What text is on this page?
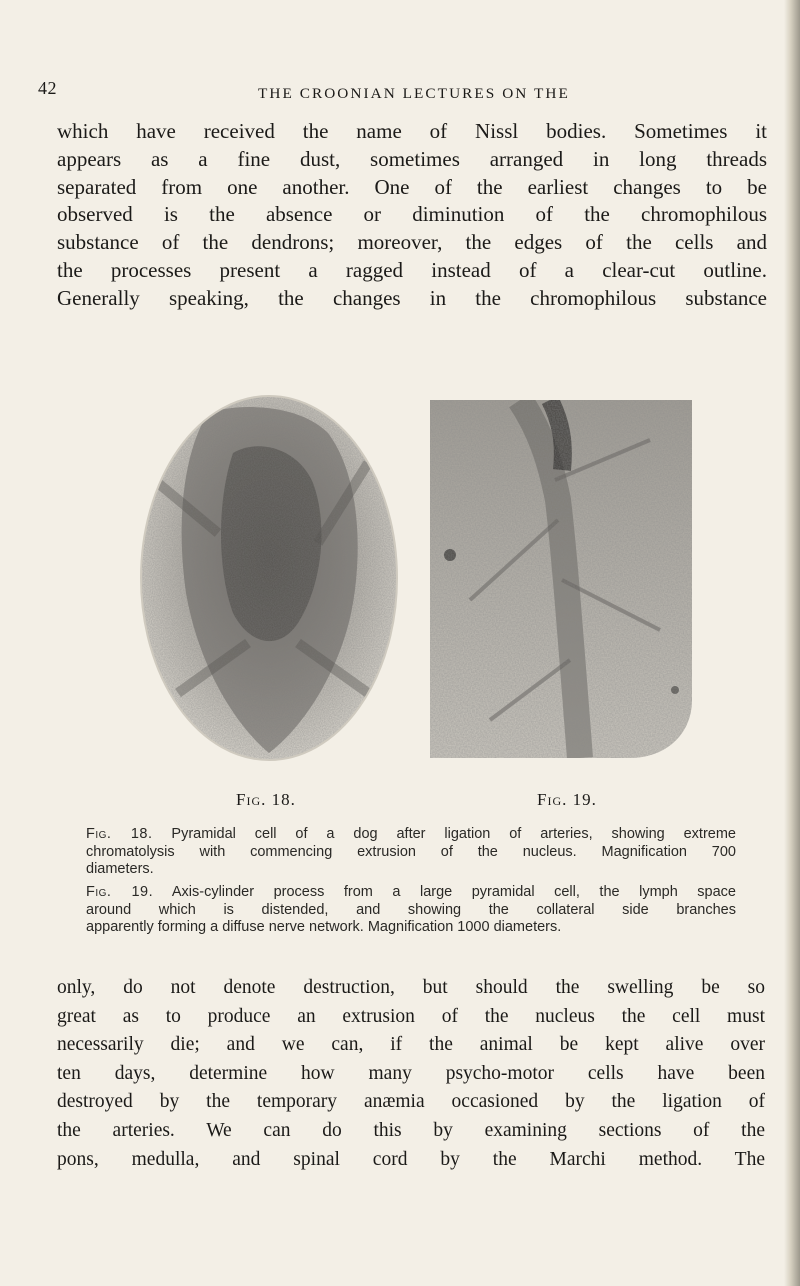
42	THE CROONIAN LECTURES ON THE
which have received the name of Nissl bodies. Sometimes it
appears as a fine dust, sometimes arranged in long threads
separated from one another. One of the earliest changes to be
observed is the absence or diminution of the chromophilous
substance of the dendrons; moreover, the edges of the cells and
the processes present a ragged instead of a clear-cut outline.
Generally speaking, the changes in the chromophilous substance
Fig. 18.	Fig. 19.
Fig. 18. Pyramidal cell of a dog after ligation of arteries, showing extreme
chromatolysis with commencing extrusion of the nucleus. Magnification 700
diameters.
Fig. 19. Axis-cylinder process from a large pyramidal cell, the lymph space
around which is distended, and showing the collateral side branches
apparently forming a diffuse nerve network. Magnification 1000 diameters.
only, do not denote destruction, but should the swelling be so
great as to produce an extrusion of the nucleus the cell must
necessarily die; and we can, if the animal be kept alive over
ten days, determine how many psycho-motor cells have been
destroyed by the temporary anæmia occasioned by the ligation of
the arteries. We can do this by examining sections of the
pons, medulla, and spinal cord by the Marchi method. The
